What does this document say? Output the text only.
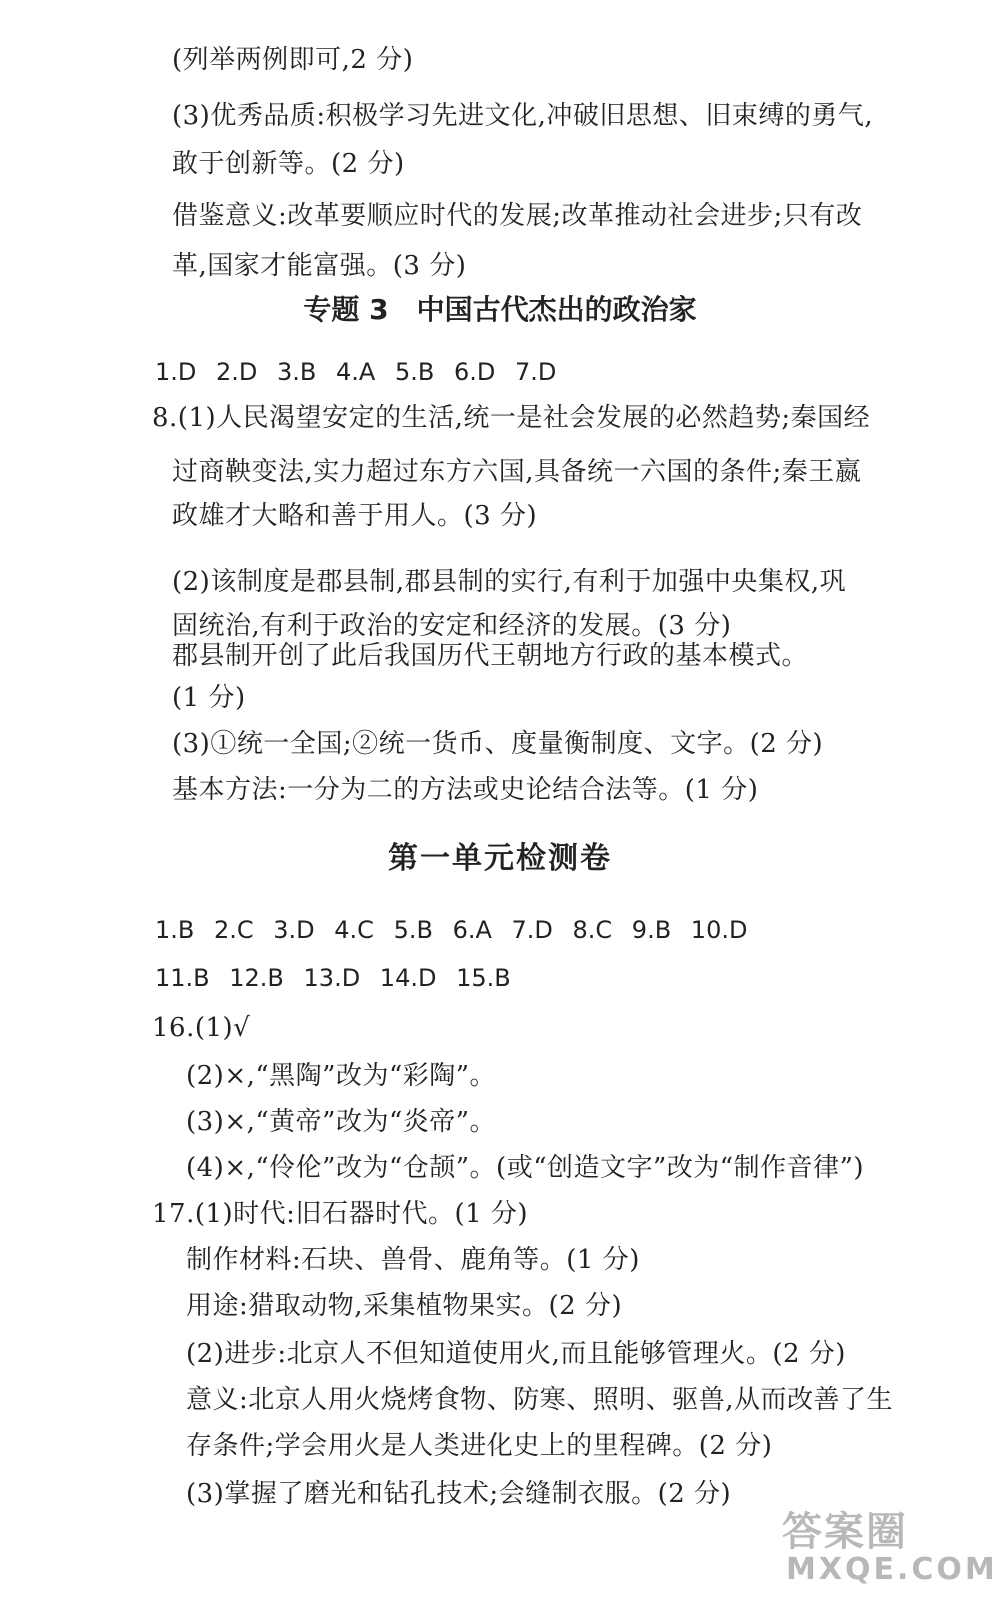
(列举两例即可,2 分)
(3)优秀品质:积极学习先进文化,冲破旧思想、旧束缚的勇气,
敢于创新等。(2 分)
借鉴意义:改革要顺应时代的发展;改革推动社会进步;只有改
革,国家才能富强。(3 分)
专题 3　中国古代杰出的政治家
1.D 2.D 3.B 4.A 5.B 6.D 7.D
8.(1)人民渴望安定的生活,统一是社会发展的必然趋势;秦国经
过商鞅变法,实力超过东方六国,具备统一六国的条件;秦王嬴
政雄才大略和善于用人。(3 分)
(2)该制度是郡县制,郡县制的实行,有利于加强中央集权,巩
固统治,有利于政治的安定和经济的发展。(3 分)
郡县制开创了此后我国历代王朝地方行政的基本模式。
(1 分)
(3)①统一全国;②统一货币、度量衡制度、文字。(2 分)
基本方法:一分为二的方法或史论结合法等。(1 分)
第一单元检测卷
1.B 2.C 3.D 4.C 5.B 6.A 7.D 8.C 9.B 10.D
11.B 12.B 13.D 14.D 15.B
16.(1)√
(2)×,“黑陶”改为“彩陶”。
(3)×,“黄帝”改为“炎帝”。
(4)×,“伶伦”改为“仓颉”。(或“创造文字”改为“制作音律”)
17.(1)时代:旧石器时代。(1 分)
制作材料:石块、兽骨、鹿角等。(1 分)
用途:猎取动物,采集植物果实。(2 分)
(2)进步:北京人不但知道使用火,而且能够管理火。(2 分)
意义:北京人用火烧烤食物、防寒、照明、驱兽,从而改善了生
存条件;学会用火是人类进化史上的里程碑。(2 分)
(3)掌握了磨光和钻孔技术;会缝制衣服。(2 分)
答案圈
MXQE.COM
